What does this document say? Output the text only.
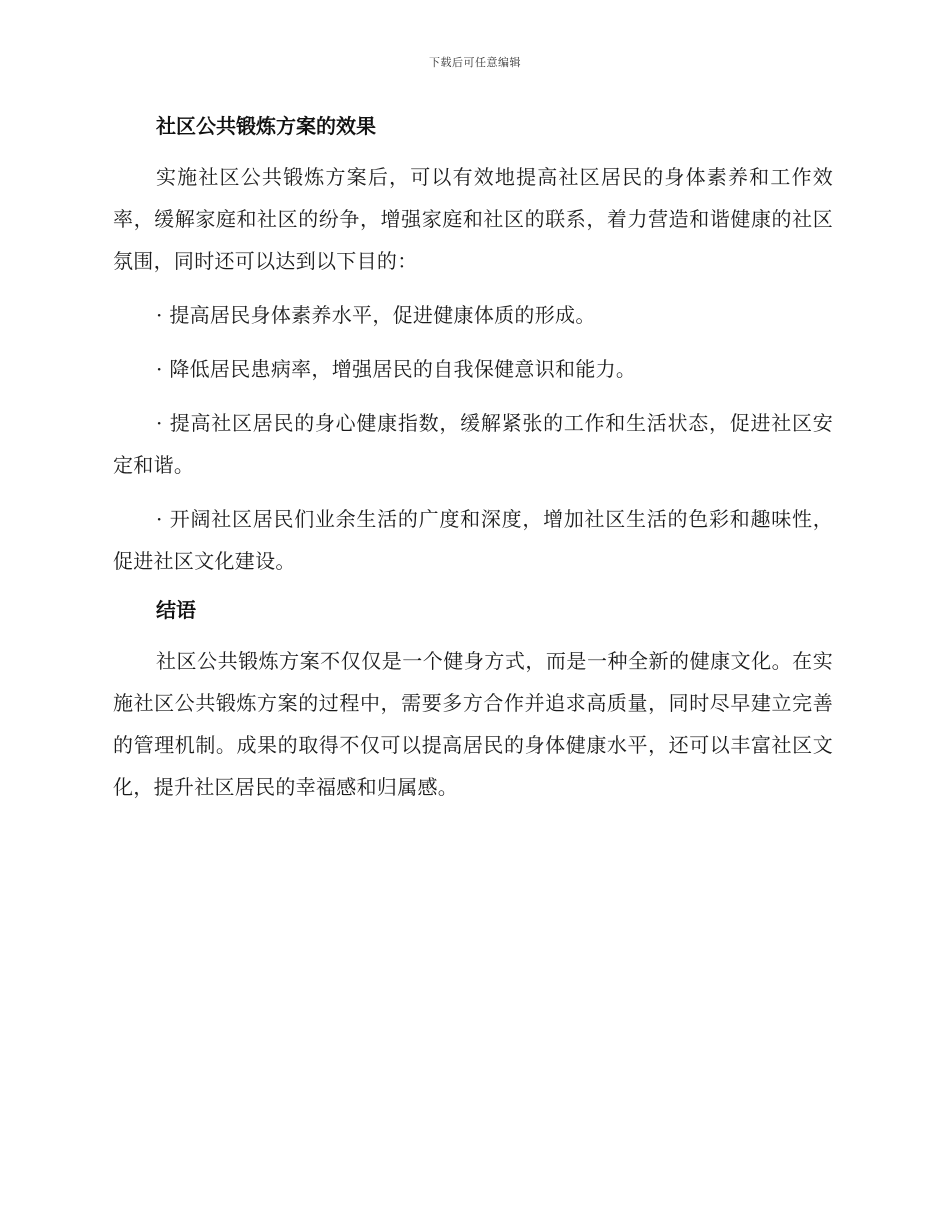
下载后可任意编辑
社区公共锻炼方案的效果

实施社区公共锻炼方案后，可以有效地提高社区居民的身体素养和工作效率，缓解家庭和社区的纷争，增强家庭和社区的联系，着力营造和谐健康的社区氛围，同时还可以达到以下目的：

· 提高居民身体素养水平，促进健康体质的形成。

· 降低居民患病率，增强居民的自我保健意识和能力。

· 提高社区居民的身心健康指数，缓解紧张的工作和生活状态，促进社区安定和谐。

· 开阔社区居民们业余生活的广度和深度，增加社区生活的色彩和趣味性，促进社区文化建设。

结语

社区公共锻炼方案不仅仅是一个健身方式，而是一种全新的健康文化。在实施社区公共锻炼方案的过程中，需要多方合作并追求高质量，同时尽早建立完善的管理机制。成果的取得不仅可以提高居民的身体健康水平，还可以丰富社区文化，提升社区居民的幸福感和归属感。
